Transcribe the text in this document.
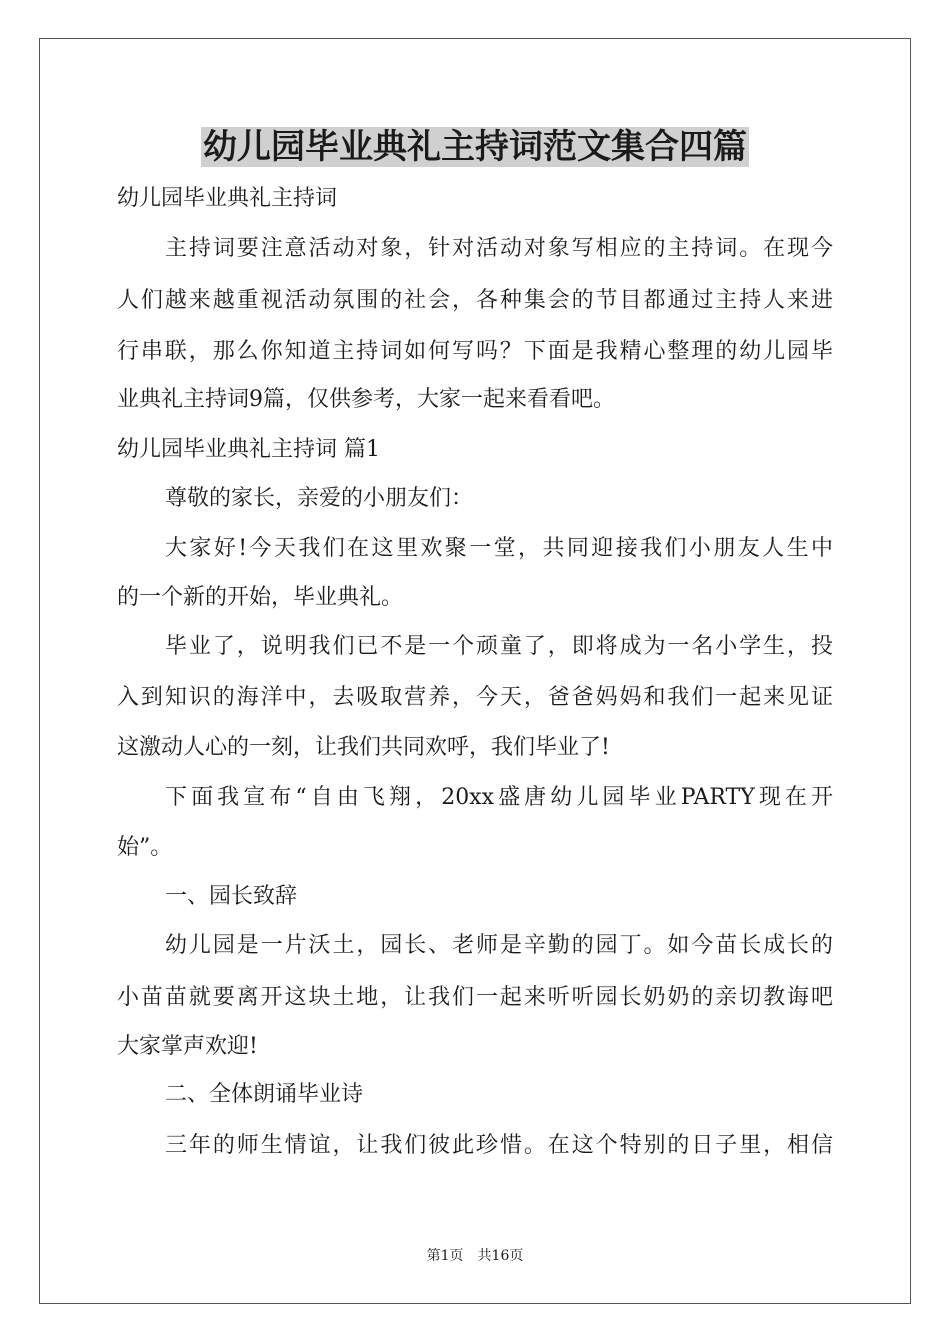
幼儿园毕业典礼主持词范文集合四篇

幼儿园毕业典礼主持词

主持词要注意活动对象，针对活动对象写相应的主持词。在现今

人们越来越重视活动氛围的社会，各种集会的节目都通过主持人来进

行串联，那么你知道主持词如何写吗？下面是我精心整理的幼儿园毕

业典礼主持词9篇，仅供参考，大家一起来看看吧。

幼儿园毕业典礼主持词 篇1

尊敬的家长，亲爱的小朋友们：

大家好!今天我们在这里欢聚一堂，共同迎接我们小朋友人生中

的一个新的开始，毕业典礼。

毕业了，说明我们已不是一个顽童了，即将成为一名小学生，投

入到知识的海洋中，去吸取营养，今天，爸爸妈妈和我们一起来见证

这激动人心的一刻，让我们共同欢呼，我们毕业了!

下面我宣布“自由飞翔，20xx盛唐幼儿园毕业PARTY现在开

始”。

一、园长致辞

幼儿园是一片沃土，园长、老师是辛勤的园丁。如今苗长成长的

小苗苗就要离开这块土地，让我们一起来听听园长奶奶的亲切教诲吧

大家掌声欢迎!

二、全体朗诵毕业诗

三年的师生情谊，让我们彼此珍惜。在这个特别的日子里，相信

第1页 共16页
